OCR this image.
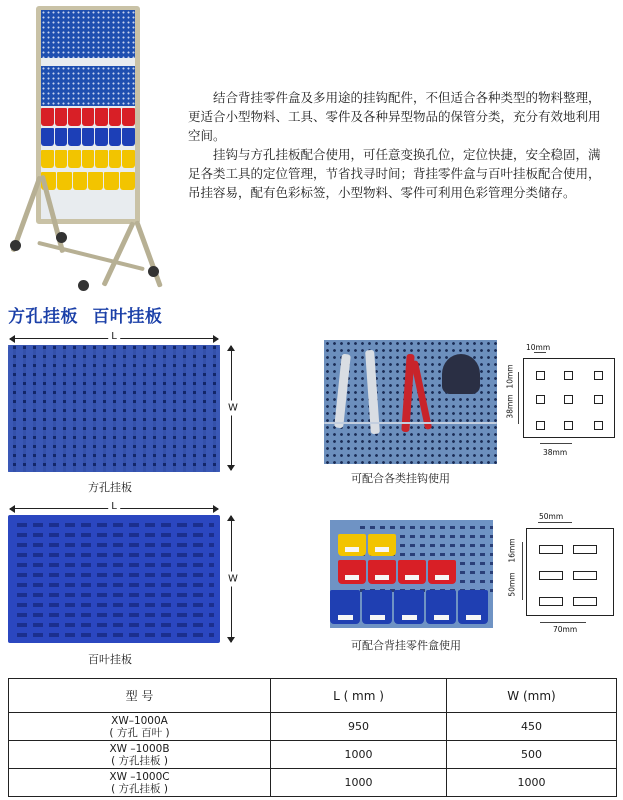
结合背挂零件盒及多用途的挂钩配件，不但适合各种类型的物料整理，更适合小型物料、工具、零件及各种异型物品的保管分类，充分有效地利用空间。

挂钩与方孔挂板配合使用，可任意变换孔位，定位快捷，安全稳固，满足各类工具的定位管理，节省找寻时间；背挂零件盒与百叶挂板配合使用，吊挂容易，配有色彩标签，小型物料、零件可利用色彩管理分类储存。

方孔挂板 百叶挂板
L
W
方孔挂板
L
W
百叶挂板
可配合各类挂钩使用
10mm
10mm
38mm
38mm
可配合背挂零件盒使用
50mm
16mm
50mm
70mm
型 号	L ( mm )	W (mm)
XW–1000A
( 方孔 百叶 )	950	450
XW –1000B
( 方孔挂板 )	1000	500
XW –1000C
( 方孔挂板 )	1000	1000
